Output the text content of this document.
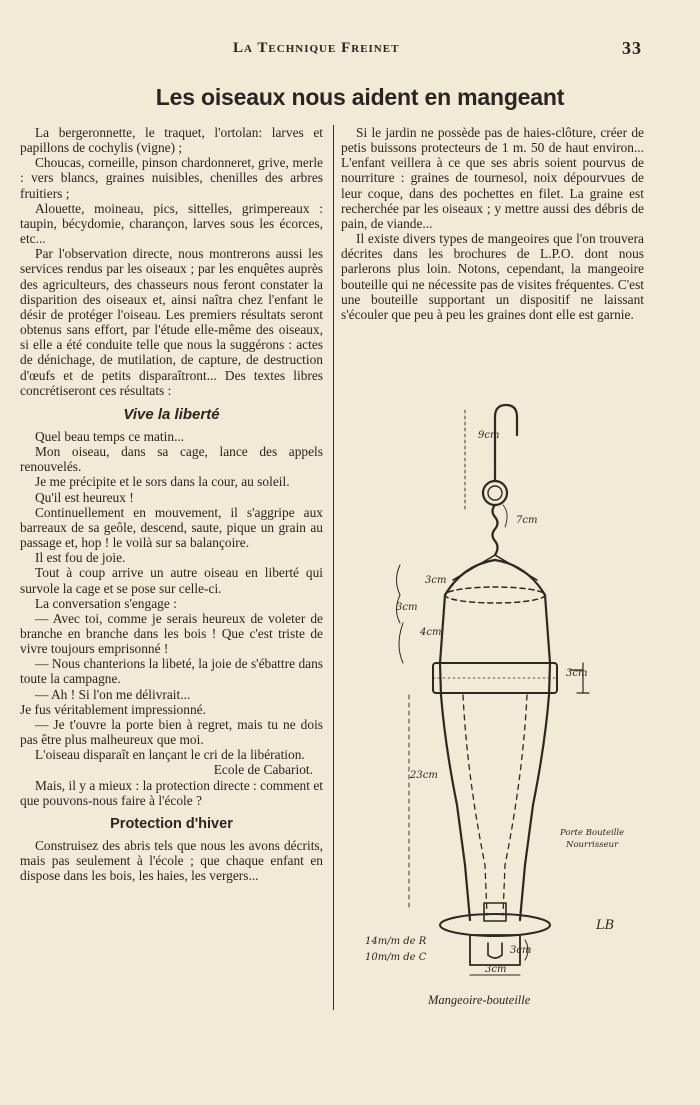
La Technique Freinet	33
Les oiseaux nous aident en mangeant

La bergeronnette, le traquet, l'ortolan: larves et papillons de cochylis (vigne) ;

Choucas, corneille, pinson chardonneret, grive, merle : vers blancs, graines nuisibles, chenilles des arbres fruitiers ;

Alouette, moineau, pics, sittelles, grimpereaux : taupin, bécydomie, charançon, larves sous les écorces, etc...

Par l'observation directe, nous montrerons aussi les services rendus par les oiseaux ; par les enquêtes auprès des agriculteurs, des chasseurs nous feront constater la disparition des oiseaux et, ainsi naîtra chez l'enfant le désir de protéger l'oiseau. Les premiers résultats seront obtenus sans effort, par l'étude elle-même des oiseaux, si elle a été conduite telle que nous la suggérons : actes de dénichage, de mutilation, de capture, de destruction d'œufs et de petits disparaîtront... Des textes libres concrétiseront ces résultats :

Vive la liberté

Quel beau temps ce matin...

Mon oiseau, dans sa cage, lance des appels renouvelés.

Je me précipite et le sors dans la cour, au soleil.

Qu'il est heureux !

Continuellement en mouvement, il s'aggripe aux barreaux de sa geôle, descend, saute, pique un grain au passage et, hop ! le voilà sur sa balançoire.

Il est fou de joie.

Tout à coup arrive un autre oiseau en liberté qui survole la cage et se pose sur celle-ci.

La conversation s'engage :

— Avec toi, comme je serais heureux de voleter de branche en branche dans les bois ! Que c'est triste de vivre toujours emprisonné !

— Nous chanterions la libeté, la joie de s'ébattre dans toute la campagne.

— Ah ! Si l'on me délivrait...

Je fus véritablement impressionné.

— Je t'ouvre la porte bien à regret, mais tu ne dois pas être plus malheureux que moi.

L'oiseau disparaît en lançant le cri de la libération.

Ecole de Cabariot.

Mais, il y a mieux : la protection directe : comment et que pouvons-nous faire à l'école ?

Protection d'hiver

Construisez des abris tels que nous les avons décrits, mais pas seulement à l'école ; que chaque enfant en dispose dans les bois, les haies, les vergers...

Si le jardin ne possède pas de haies-clôture, créer de petis buissons protecteurs de 1 m. 50 de haut environ... L'enfant veillera à ce que ses abris soient pourvus de nourriture : graines de tournesol, noix dépourvues de leur coque, dans des pochettes en filet. La graine est recherchée par les oiseaux ; y mettre aussi des débris de pain, de viande...

Il existe divers types de mangeoires que l'on trouvera décrites dans les brochures de L.P.O. dont nous parlerons plus loin. Notons, cependant, la mangeoire bouteille qui ne nécessite pas de visites fréquentes. C'est une bouteille supportant un dispositif ne laissant s'écouler que peu à peu les graines dont elle est garnie.

9cm
7cm
3cm
3cm
4cm
3cm
23cm
Porte Bouteille
Nourrisseur
14m/m de R
10m/m de C
3cm
3cm
LB
Mangeoire-bouteille
